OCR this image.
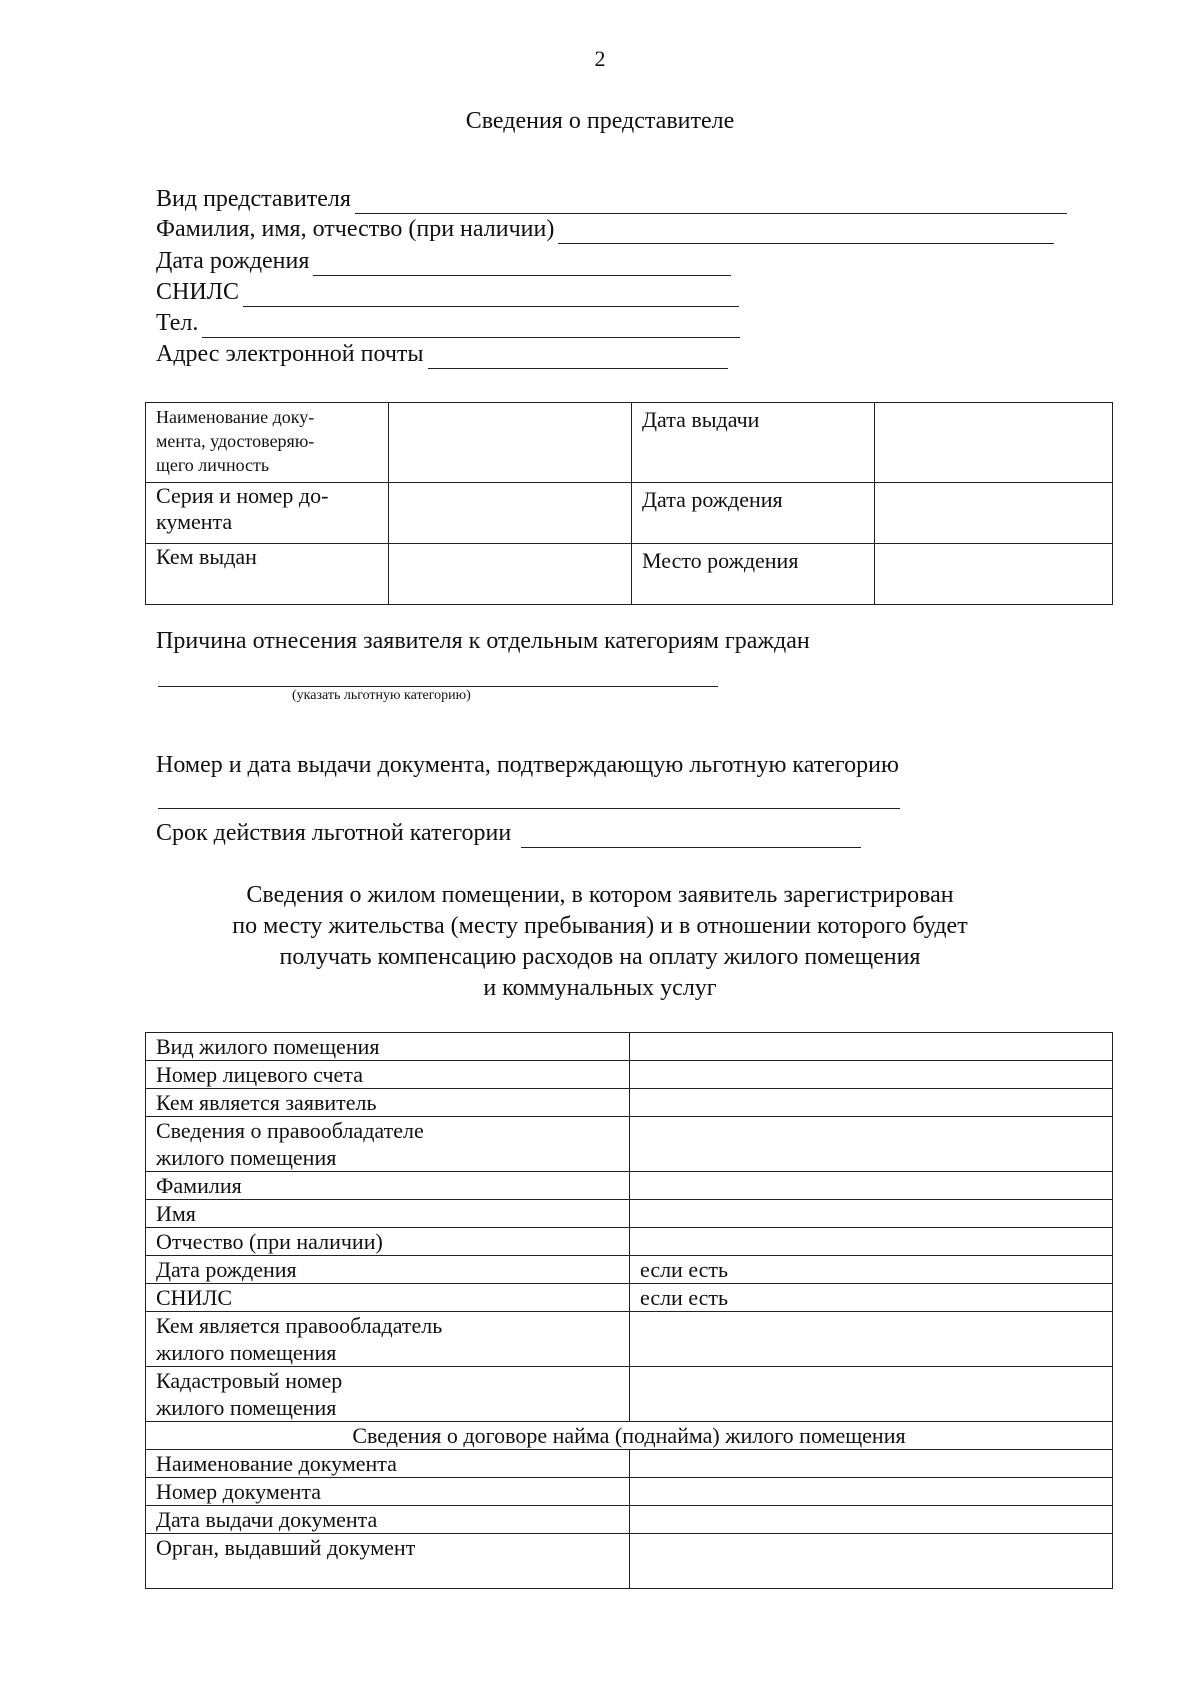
2
Сведения о представителе
Вид представителя
Фамилия, имя, отчество (при наличии)
Дата рождения
СНИЛС
Тел.
Адрес электронной почты
Наименование доку-
мента, удостоверяю-
щего личность		Дата выдачи	

Серия и номер до-
кумента		Дата рождения	

Кем выдан		Место рождения	
Причина отнесения заявителя к отдельным категориям граждан
(указать льготную категорию)
Номер и дата выдачи документа, подтверждающую льготную категорию
Срок действия льготной категории
Сведения о жилом помещении, в котором заявитель зарегистрирован
по месту жительства (месту пребывания) и в отношении которого будет
получать компенсацию расходов на оплату жилого помещения
и коммунальных услуг
Вид жилого помещения	
Номер лицевого счета	
Кем является заявитель	

Сведения о правообладателе
жилого помещения	

Фамилия	
Имя	
Отчество (при наличии)	
Дата рождения	если есть
СНИЛС	если есть

Кем является правообладатель
жилого помещения	

Кадастровый номер
жилого помещения	

Сведения о договоре найма (поднайма) жилого помещения	
Наименование документа	
Номер документа	
Дата выдачи документа	
Орган, выдавший документ	
